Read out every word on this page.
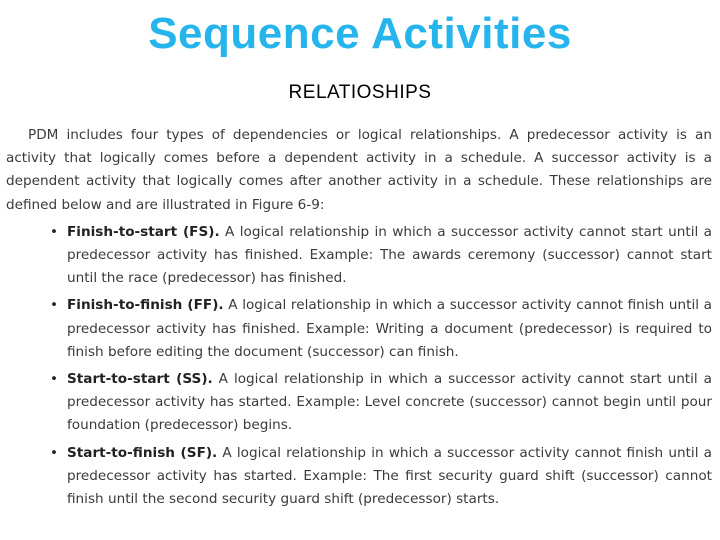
Sequence Activities
RELATIOSHIPS

PDM includes four types of dependencies or logical relationships. A predecessor activity is an activity that logically comes before a dependent activity in a schedule. A successor activity is a dependent activity that logically comes after another activity in a schedule. These relationships are defined below and are illustrated in Figure 6-9:

• Finish-to-start (FS). A logical relationship in which a successor activity cannot start until a predecessor activity has finished. Example: The awards ceremony (successor) cannot start until the race (predecessor) has finished.
• Finish-to-finish (FF). A logical relationship in which a successor activity cannot finish until a predecessor activity has finished. Example: Writing a document (predecessor) is required to finish before editing the document (successor) can finish.
• Start-to-start (SS). A logical relationship in which a successor activity cannot start until a predecessor activity has started. Example: Level concrete (successor) cannot begin until pour foundation (predecessor) begins.
• Start-to-finish (SF). A logical relationship in which a successor activity cannot finish until a predecessor activity has started. Example: The first security guard shift (successor) cannot finish until the second security guard shift (predecessor) starts.
